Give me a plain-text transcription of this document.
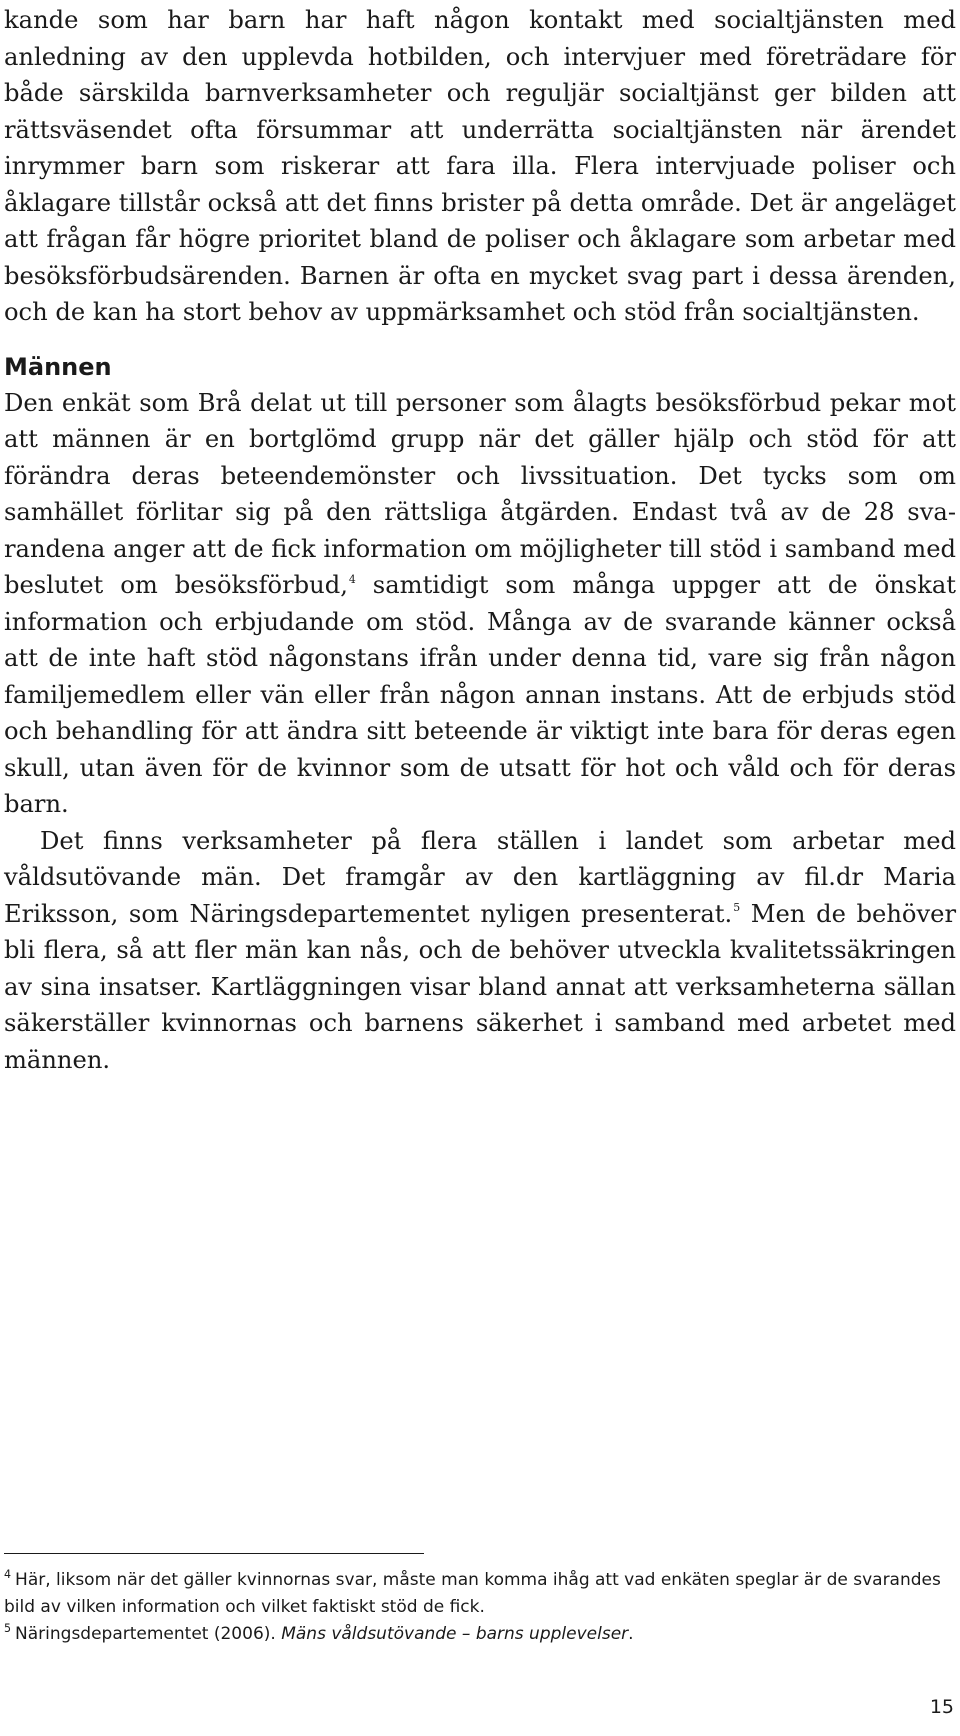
kande som har barn har haft någon kontakt med socialtjänsten med anledning av den upplevda hotbilden, och intervjuer med företrädare för både särskilda barnverksamheter och reguljär socialtjänst ger bilden att rättsväsendet ofta försummar att underrätta socialtjänsten när ärendet inrymmer barn som riskerar att fara illa. Flera intervjuade poliser och åklagare tillstår också att det finns brister på detta område. Det är angeläget att frågan får högre prioritet bland de poliser och åklagare som arbetar med besöksförbudsärenden. Barnen är ofta en mycket svag part i dessa ärenden, och de kan ha stort behov av uppmärksamhet och stöd från socialtjänsten.

Männen

Den enkät som Brå delat ut till personer som ålagts besöksförbud pekar mot att männen är en bortglömd grupp när det gäller hjälp och stöd för att förändra deras beteendemönster och livssituation. Det tycks som om samhället förlitar sig på den rättsliga åtgärden. Endast två av de 28 svarandena anger att de fick information om möjligheter till stöd i samband med beslutet om besöksförbud,$^4$ samtidigt som många uppger att de önskat information och erbjudande om stöd. Många av de svarande känner också att de inte haft stöd någonstans ifrån under denna tid, vare sig från någon familjemedlem eller vän eller från någon annan instans. Att de erbjuds stöd och behandling för att ändra sitt beteende är viktigt inte bara för deras egen skull, utan även för de kvinnor som de utsatt för hot och våld och för deras barn.

Det finns verksamheter på flera ställen i landet som arbetar med våldsutövande män. Det framgår av den kartläggning av fil.dr Maria Eriksson, som Näringsdepartementet nyligen presenterat.$^5$ Men de behöver bli flera, så att fler män kan nås, och de behöver utveckla kvalitetssäkringen av sina insatser. Kartläggningen visar bland annat att verksamheterna sällan säkerställer kvinnornas och barnens säkerhet i samband med arbetet med männen.

$^4$ Här, liksom när det gäller kvinnornas svar, måste man komma ihåg att vad enkäten speglar är de svarandes bild av vilken information och vilket faktiskt stöd de fick.

$^5$ Näringsdepartementet (2006). Mäns våldsutövande – barns upplevelser.

15
